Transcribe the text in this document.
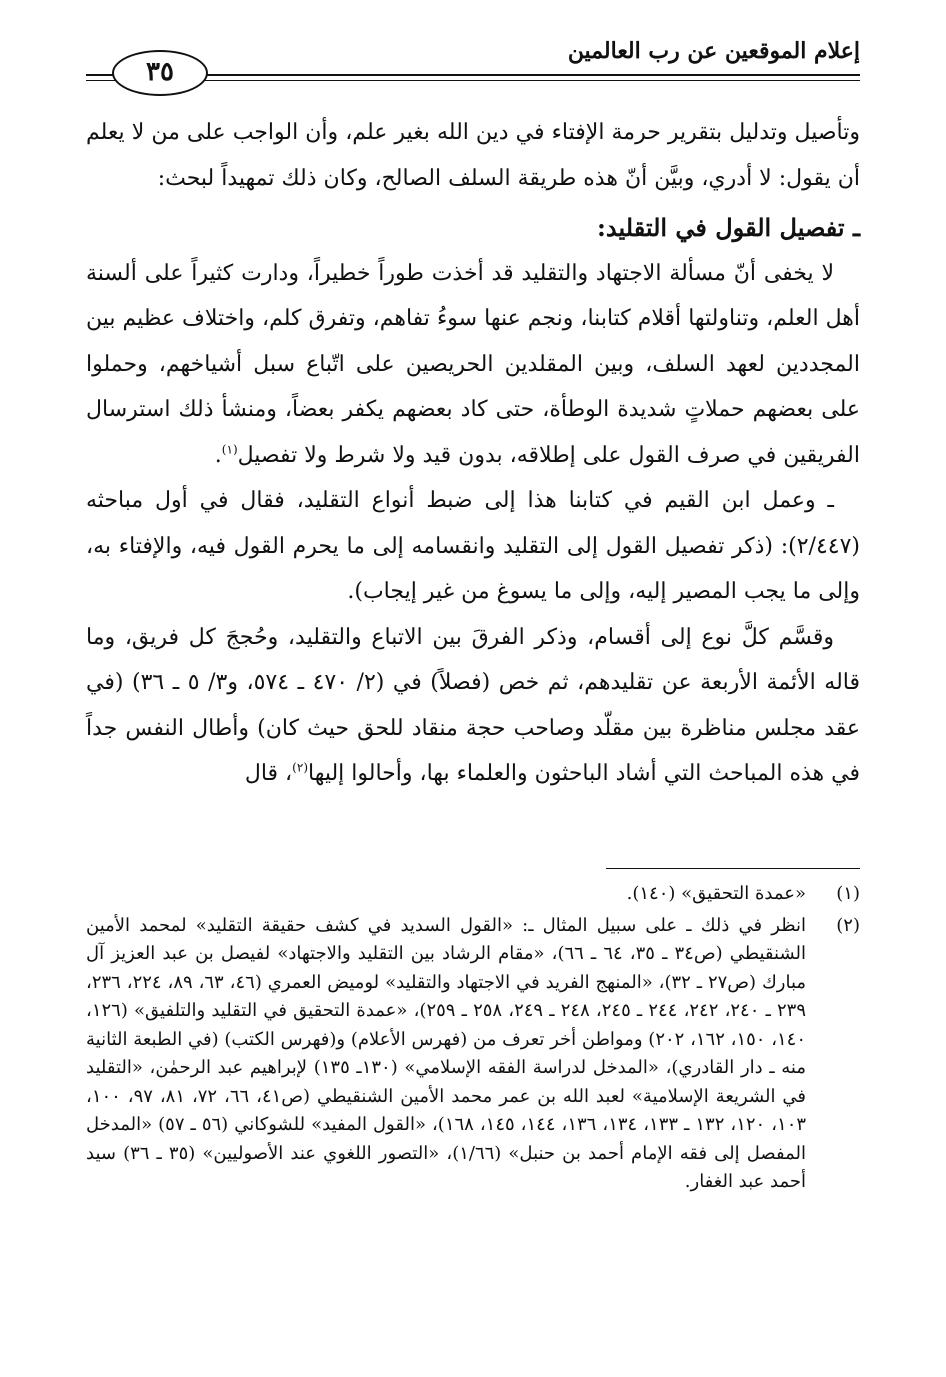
إعلام الموقعين عن رب العالمين
٣٥

وتأصيل وتدليل بتقرير حرمة الإفتاء في دين الله بغير علم، وأن الواجب على من لا يعلم أن يقول: لا أدري، وبيَّن أنّ هذه طريقة السلف الصالح، وكان ذلك تمهيداً لبحث:

ـ تفصيل القول في التقليد:

لا يخفى أنّ مسألة الاجتهاد والتقليد قد أخذت طوراً خطيراً، ودارت كثيراً على ألسنة أهل العلم، وتناولتها أقلام كتابنا، ونجم عنها سوءُ تفاهم، وتفرق كلم، واختلاف عظيم بين المجددين لعهد السلف، وبين المقلدين الحريصين على اتّباع سبل أشياخهم، وحملوا على بعضهم حملاتٍ شديدة الوطأة، حتى كاد بعضهم يكفر بعضاً، ومنشأ ذلك استرسال الفريقين في صرف القول على إطلاقه، بدون قيد ولا شرط ولا تفصيل$^{(١)}$.

ـ وعمل ابن القيم في كتابنا هذا إلى ضبط أنواع التقليد، فقال في أول مباحثه (٢/٤٤٧): (ذكر تفصيل القول إلى التقليد وانقسامه إلى ما يحرم القول فيه، والإفتاء به، وإلى ما يجب المصير إليه، وإلى ما يسوغ من غير إيجاب).

وقسَّم كلَّ نوع إلى أقسام، وذكر الفرقَ بين الاتباع والتقليد، وحُججَ كل فريق، وما قاله الأئمة الأربعة عن تقليدهم، ثم خص (فصلاً) في (٢/ ٤٧٠ ـ ٥٧٤، و٣/ ٥ ـ ٣٦) (في عقد مجلس مناظرة بين مقلّد وصاحب حجة منقاد للحق حيث كان) وأطال النفس جداً في هذه المباحث التي أشاد الباحثون والعلماء بها، وأحالوا إليها$^{(٢)}$، قال

(١)
«عمدة التحقيق» (١٤٠).
(٢)
انظر في ذلك ـ على سبيل المثال ـ: «القول السديد في كشف حقيقة التقليد» لمحمد الأمين الشنقيطي (ص٣٤ ـ ٣٥، ٦٤ ـ ٦٦)، «مقام الرشاد بين التقليد والاجتهاد» لفيصل بن عبد العزيز آل مبارك (ص٢٧ ـ ٣٢)، «المنهج الفريد في الاجتهاد والتقليد» لوميض العمري (٤٦، ٦٣، ٨٩، ٢٢٤، ٢٣٦، ٢٣٩ ـ ٢٤٠، ٢٤٢، ٢٤٤ ـ ٢٤٥، ٢٤٨ ـ ٢٤٩، ٢٥٨ ـ ٢٥٩)، «عمدة التحقيق في التقليد والتلفيق» (١٢٦، ١٤٠، ١٥٠، ١٦٢، ٢٠٢) ومواطن أخر تعرف من (فهرس الأعلام) و(فهرس الكتب) (في الطبعة الثانية منه ـ دار القادري)، «المدخل لدراسة الفقه الإسلامي» (١٣٠ـ ١٣٥) لإبراهيم عبد الرحمٰن، «التقليد في الشريعة الإسلامية» لعبد الله بن عمر محمد الأمين الشنقيطي (ص٤١، ٦٦، ٧٢، ٨١، ٩٧، ١٠٠، ١٠٣، ١٢٠، ١٣٢ ـ ١٣٣، ١٣٤، ١٣٦، ١٤٤، ١٤٥، ١٦٨)، «القول المفيد» للشوكاني (٥٦ ـ ٥٧) «المدخل المفصل إلى فقه الإمام أحمد بن حنبل» (١/٦٦)، «التصور اللغوي عند الأصوليين» (٣٥ ـ ٣٦) سيد أحمد عبد الغفار.
